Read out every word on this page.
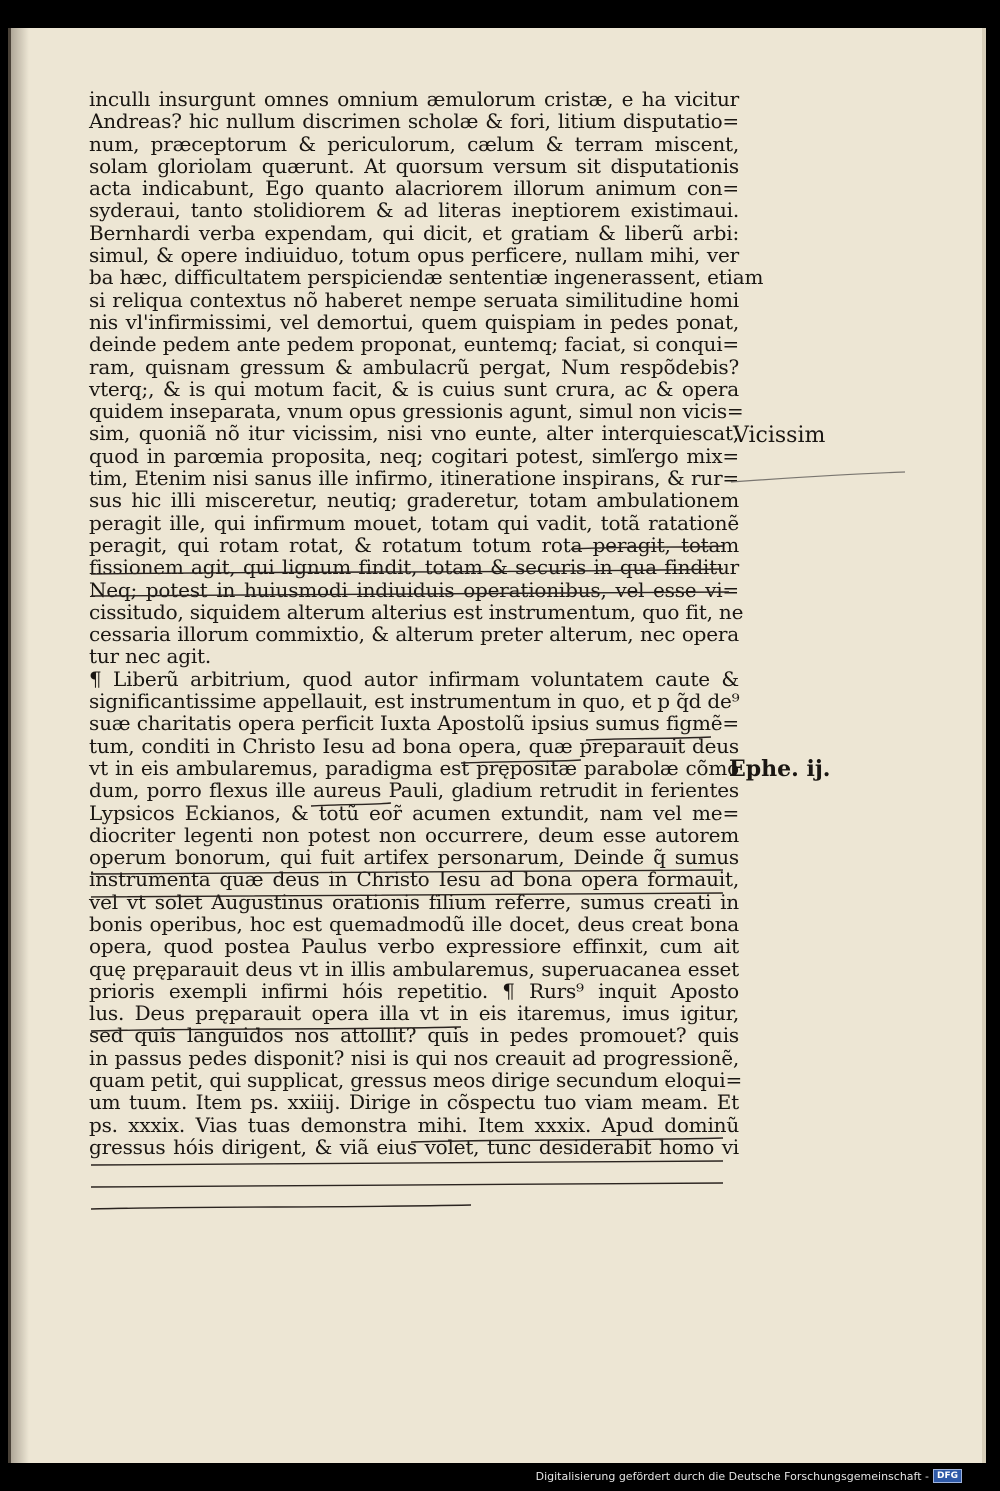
incullı insurgunt omnes omnium æmulorum cristæ, e ha vicitur
Andreas? hic nullum discrimen scholæ & fori, litium disputatio=
num, præceptorum & periculorum, cælum & terram miscent,
solam gloriolam quærunt. At quorsum versum sit disputationis
acta indicabunt, Ego quanto alacriorem illorum animum con=
syderaui, tanto stolidiorem & ad literas ineptiorem existimaui.
Bernhardi verba expendam, qui dicit, et gratiam & liberũ arbi:
simul, & opere indiuiduo, totum opus perficere, nullam mihi, ver
ba hæc, difficultatem perspiciendæ sententiæ ingenerassent, etiam
si reliqua contextus nõ haberet nempe seruata similitudine homi
nis vl'infirmissimi, vel demortui, quem quispiam in pedes ponat,
deinde pedem ante pedem proponat, euntemq; faciat, si conqui=
ram, quisnam gressum & ambulacrũ pergat, Num respõdebis?
vterq;, & is qui motum facit, & is cuius sunt crura, ac & opera
quidem inseparata, vnum opus gressionis agunt, simul non vicis=
sim, quoniã nõ itur vicissim, nisi vno eunte, alter interquiescat,
quod in parœmia proposita, neq; cogitari potest, simľergo mix=
tim, Etenim nisi sanus ille infirmo, itineratione inspirans, & rur=
sus hic illi misceretur, neutiq; graderetur, totam ambulationem
peragit ille, qui infirmum mouet, totam qui vadit, totã ratationẽ
peragit, qui rotam rotat, & rotatum totum rota peragit, totam
fissionem agit, qui lignum findit, totam & securis in qua finditur
Neq; potest in huiusmodi indiuiduis operationibus, vel esse vi=
cissitudo, siquidem alterum alterius est instrumentum, quo fit, ne
cessaria illorum commixtio, & alterum preter alterum, nec opera
tur nec agit.
¶ Liberũ arbitrium, quod autor infirmam voluntatem caute &
significantissime appellauit, est instrumentum in quo, et p q̃d de⁹
suæ charitatis opera perficit Iuxta Apostolũ ipsius sumus figmẽ=
tum, conditi in Christo Iesu ad bona opera, quæ preparauit deus
vt in eis ambularemus, paradigma est prępositæ parabolæ cõmo
dum, porro flexus ille aureus Pauli, gladium retrudit in ferientes
Lypsicos Eckianos, & totũ eor̃ acumen extundit, nam vel me=
diocriter legenti non potest non occurrere, deum esse autorem
operum bonorum, qui fuit artifex personarum, Deinde q̃ sumus
instrumenta quæ deus in Christo Iesu ad bona opera formauit,
vel vt solet Augustinus orationis filium referre, sumus creati in
bonis operibus, hoc est quemadmodũ ille docet, deus creat bona
opera, quod postea Paulus verbo expressiore effinxit, cum ait
quę pręparauit deus vt in illis ambularemus, superuacanea esset
prioris exempli infirmi hóis repetitio. ¶ Rurs⁹ inquit Aposto
lus. Deus pręparauit opera illa vt in eis itaremus, imus igitur,
sed quis languidos nos attollit? quis in pedes promouet? quis
in passus pedes disponit? nisi is qui nos creauit ad progressionẽ,
quam petit, qui supplicat, gressus meos dirige secundum eloqui=
um tuum. Item ps. xxiiij. Dirige in cõspectu tuo viam meam. Et
ps. xxxix. Vias tuas demonstra mihi. Item xxxix. Apud dominũ
gressus hóis dirigent, & viã eius volet, tunc desiderabit homo vi
Vicissim
Ephe. ij.
Digitalisierung gefördert durch die Deutsche Forschungsgemeinschaft - DFG
